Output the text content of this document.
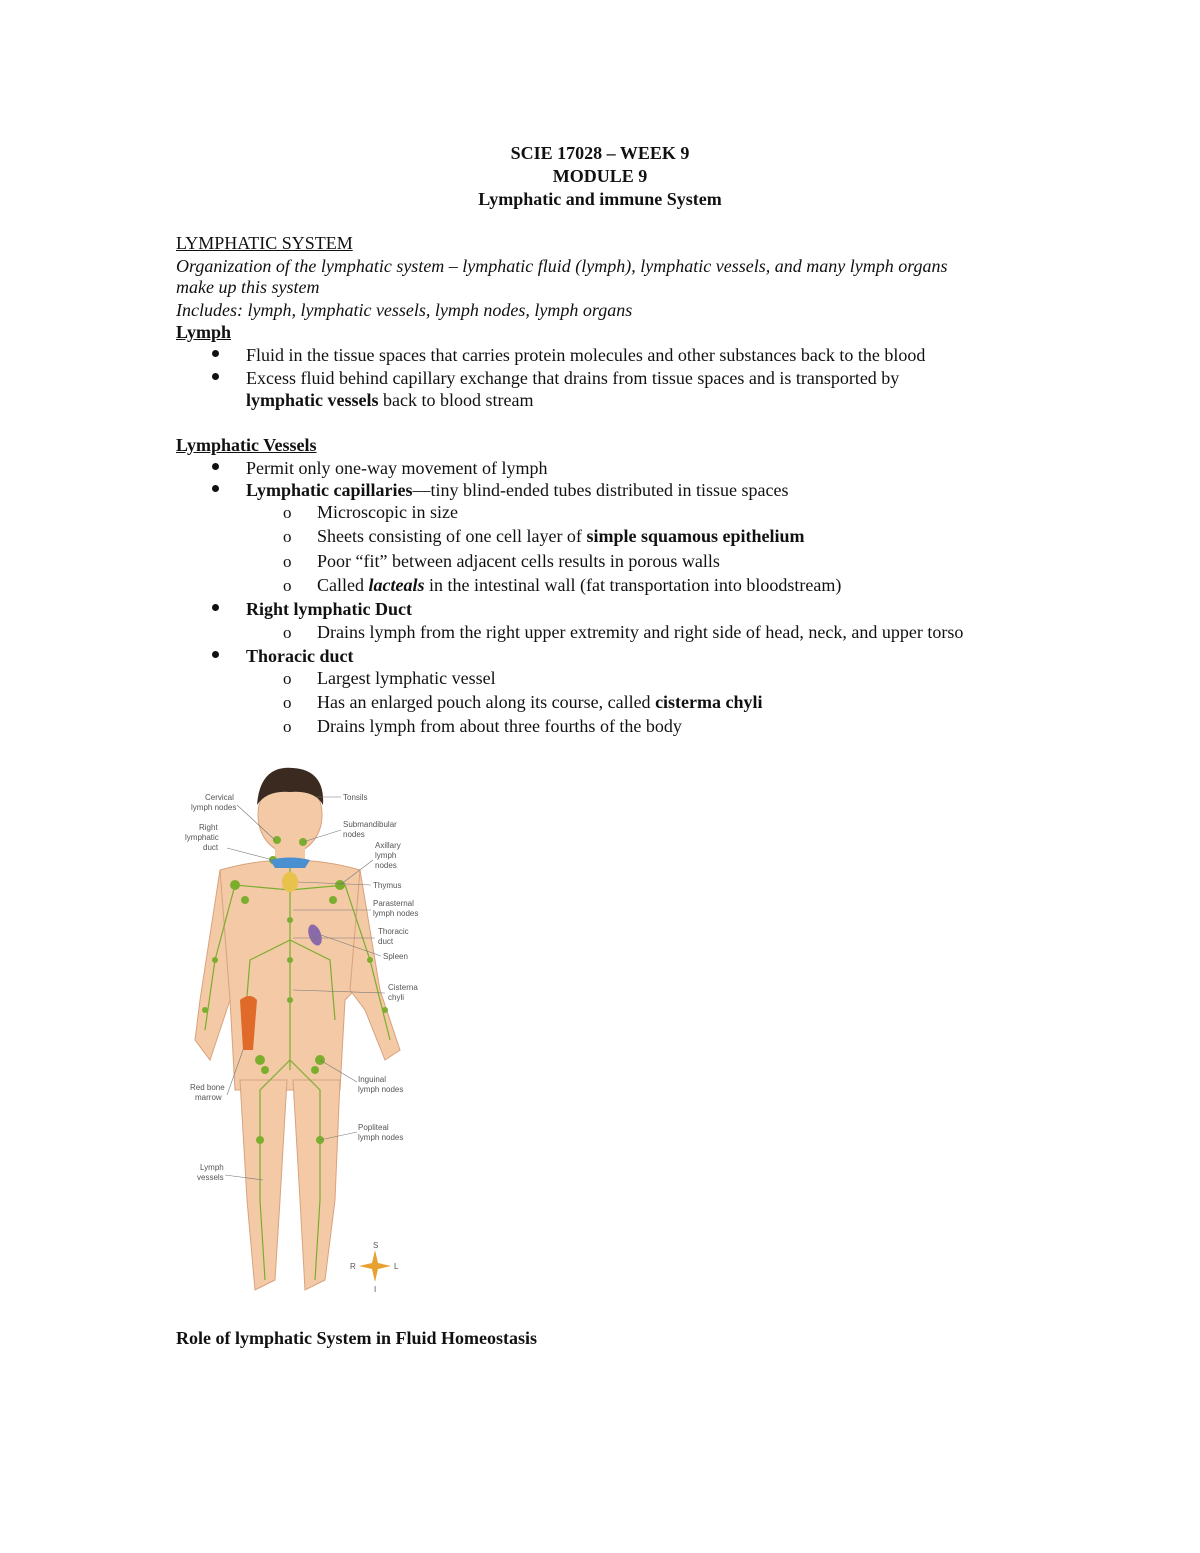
SCIE 17028 – WEEK 9
MODULE 9
Lymphatic and immune System
LYMPHATIC SYSTEM
Organization of the lymphatic system – lymphatic fluid (lymph), lymphatic vessels, and many lymph organs
make up this system
Includes: lymph, lymphatic vessels, lymph nodes, lymph organs
Lymph
Fluid in the tissue spaces that carries protein molecules and other substances back to the blood
Excess fluid behind capillary exchange that drains from tissue spaces and is transported by
lymphatic vessels back to blood stream
Lymphatic Vessels
Permit only one-way movement of lymph
Lymphatic capillaries—tiny blind-ended tubes distributed in tissue spaces
o Microscopic in size
o Sheets consisting of one cell layer of simple squamous epithelium
o Poor “fit” between adjacent cells results in porous walls
o Called lacteals in the intestinal wall (fat transportation into bloodstream)
Right lymphatic Duct
o Drains lymph from the right upper extremity and right side of head, neck, and upper torso
Thoracic duct
o Largest lymphatic vessel
o Has an enlarged pouch along its course, called cisterma chyli
o Drains lymph from about three fourths of the body
Cervical
lymph nodes
Right
lymphatic
duct
Red bone
marrow
Lymph
vessels
Tonsils
Submandibular
nodes
Axillary
lymph
nodes
Thymus
Parasternal
lymph nodes
Thoracic
duct
Spleen
Cisterna
chyli
Inguinal
lymph nodes
Popliteal
lymph nodes
S
R	L
I
Role of lymphatic System in Fluid Homeostasis
